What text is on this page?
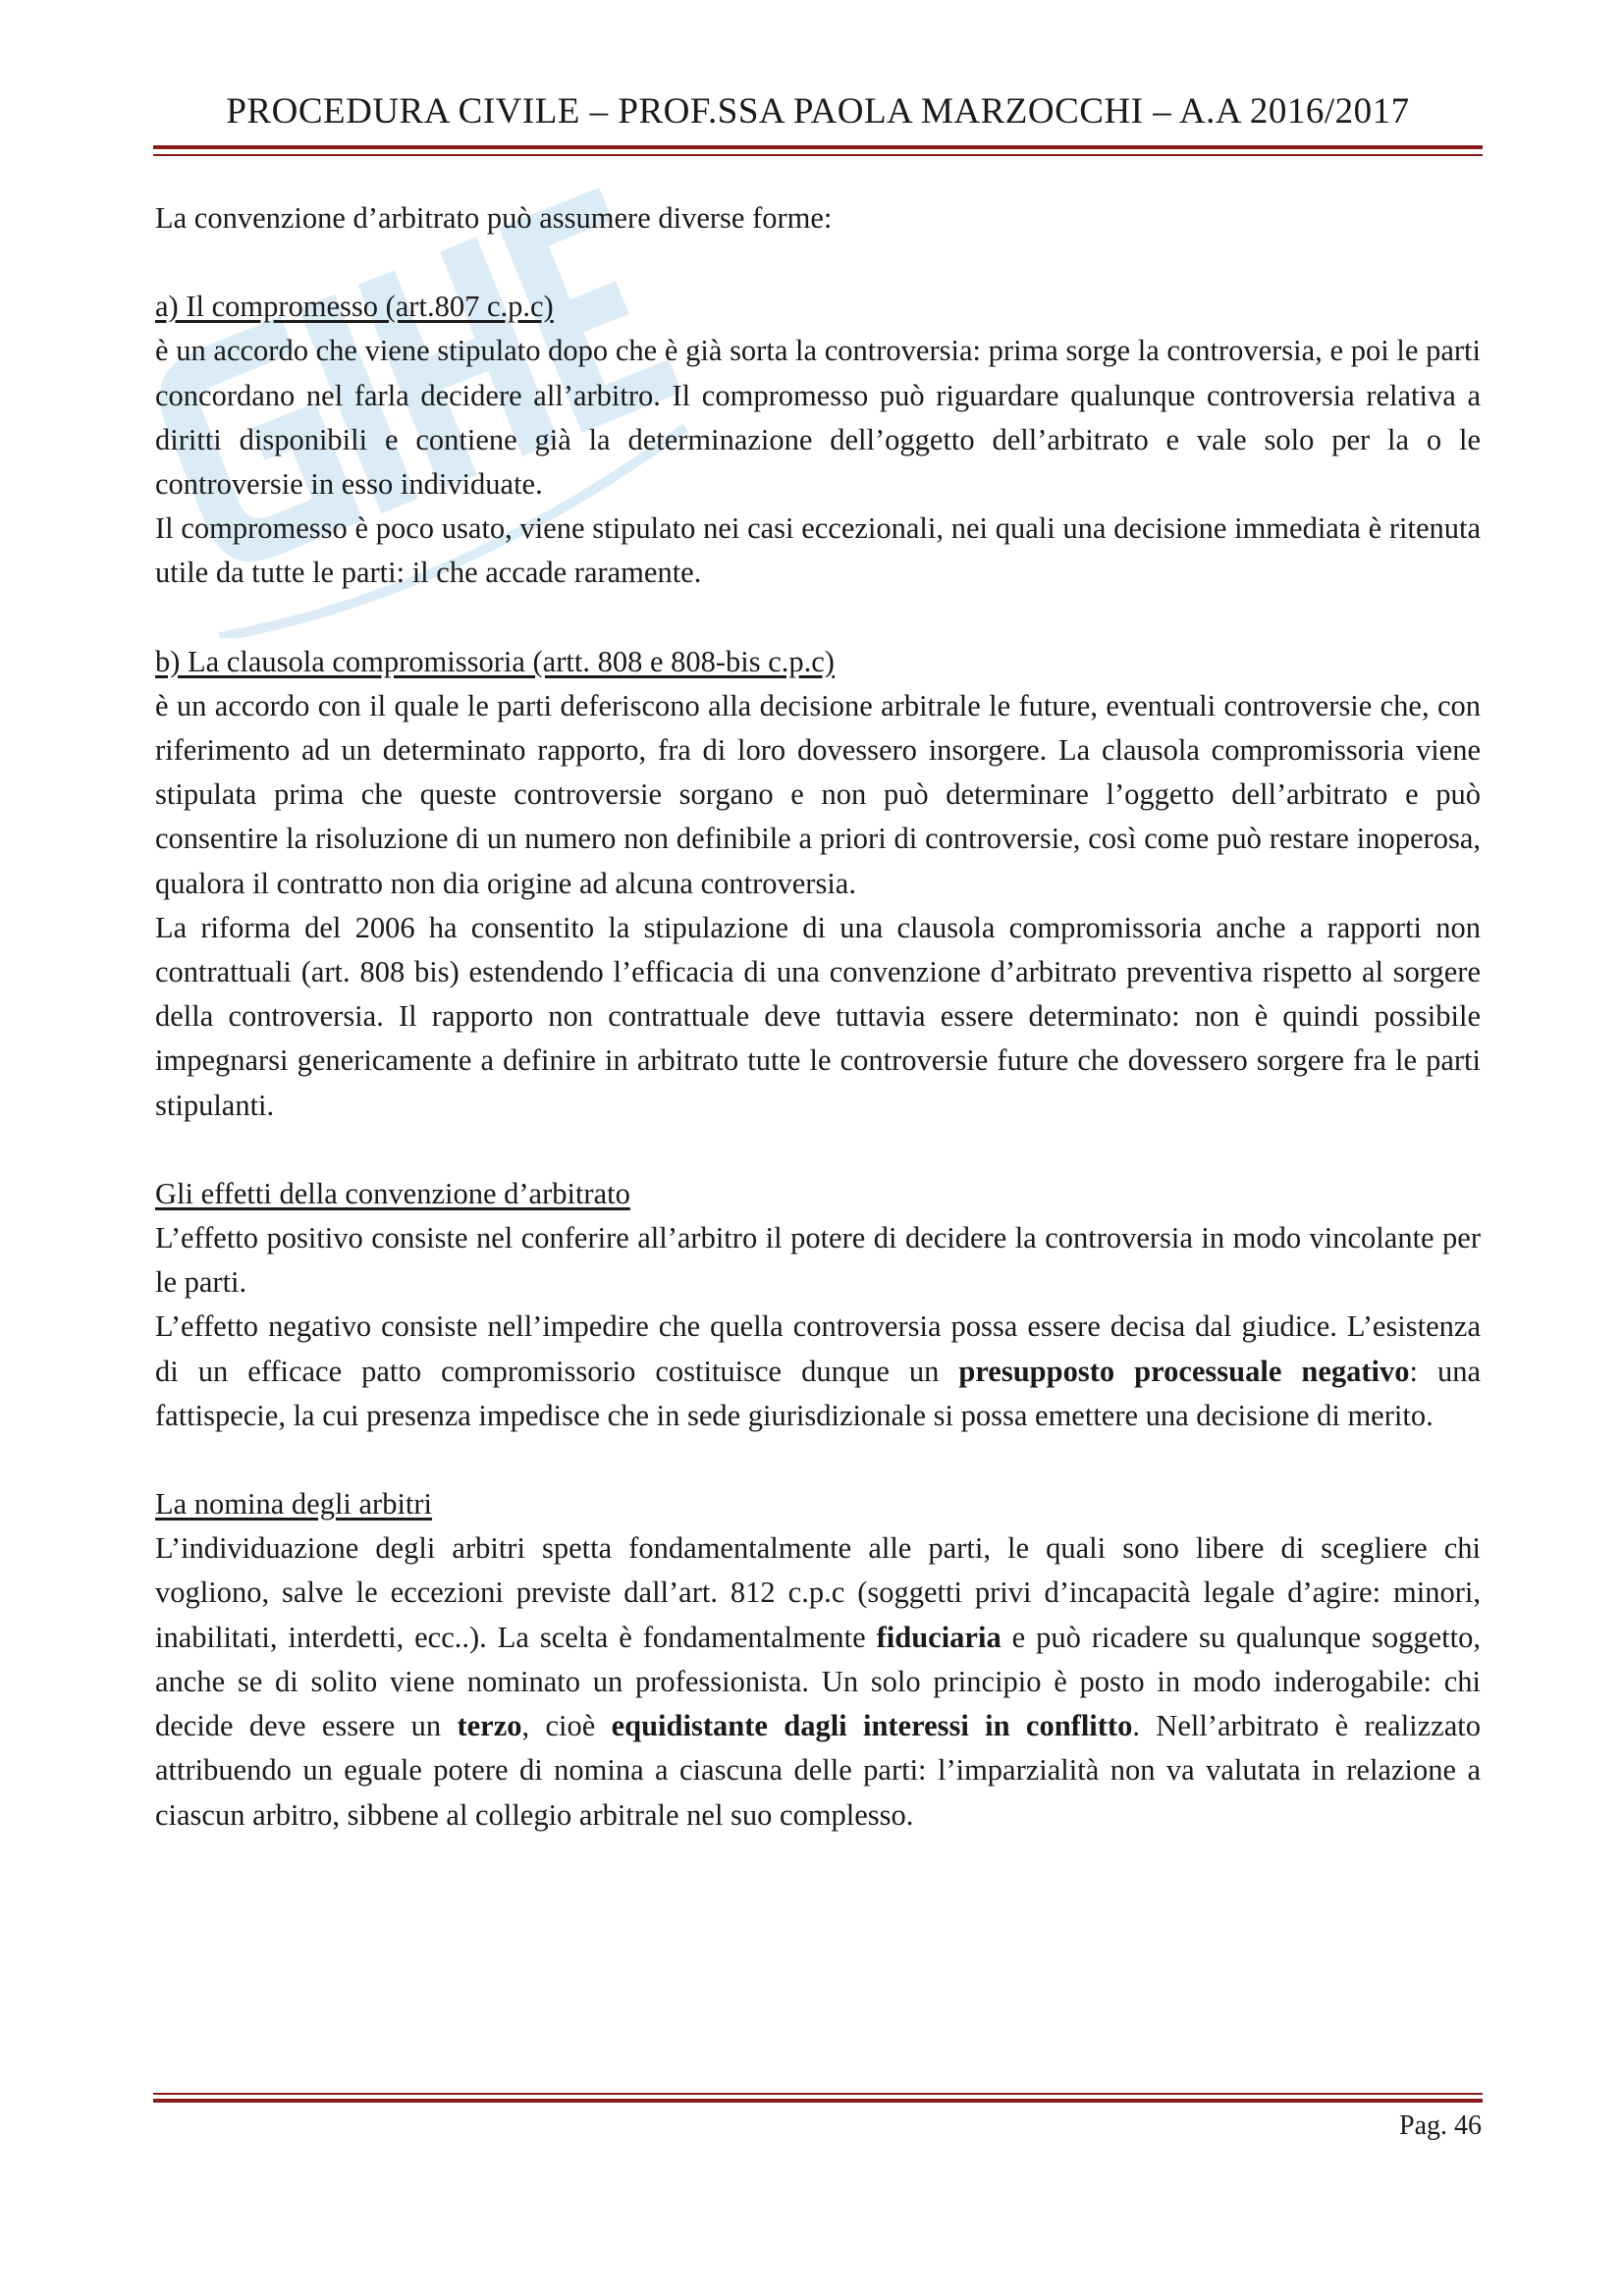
PROCEDURA CIVILE – PROF.SSA PAOLA MARZOCCHI – A.A 2016/2017

La convenzione d’arbitrato può assumere diverse forme:

a) Il compromesso (art.807 c.p.c)

è un accordo che viene stipulato dopo che è già sorta la controversia: prima sorge la controversia, e poi le parti concordano nel farla decidere all’arbitro. Il compromesso può riguardare qualunque controversia relativa a diritti disponibili e contiene già la determinazione dell’oggetto dell’arbitrato e vale solo per la o le controversie in esso individuate.

Il compromesso è poco usato, viene stipulato nei casi eccezionali, nei quali una decisione immediata è ritenuta utile da tutte le parti: il che accade raramente.

b) La clausola compromissoria (artt. 808 e 808-bis c.p.c)

è un accordo con il quale le parti deferiscono alla decisione arbitrale le future, eventuali controversie che, con riferimento ad un determinato rapporto, fra di loro dovessero insorgere. La clausola compromissoria viene stipulata prima che queste controversie sorgano e non può determinare l’oggetto dell’arbitrato e può consentire la risoluzione di un numero non definibile a priori di controversie, così come può restare inoperosa, qualora il contratto non dia origine ad alcuna controversia.

La riforma del 2006 ha consentito la stipulazione di una clausola compromissoria anche a rapporti non contrattuali (art. 808 bis) estendendo l’efficacia di una convenzione d’arbitrato preventiva rispetto al sorgere della controversia. Il rapporto non contrattuale deve tuttavia essere determinato: non è quindi possibile impegnarsi genericamente a definire in arbitrato tutte le controversie future che dovessero sorgere fra le parti stipulanti.

Gli effetti della convenzione d’arbitrato

L’effetto positivo consiste nel conferire all’arbitro il potere di decidere la controversia in modo vincolante per le parti.

L’effetto negativo consiste nell’impedire che quella controversia possa essere decisa dal giudice. L’esistenza di un efficace patto compromissorio costituisce dunque un presupposto processuale negativo: una fattispecie, la cui presenza impedisce che in sede giurisdizionale si possa emettere una decisione di merito.

La nomina degli arbitri

L’individuazione degli arbitri spetta fondamentalmente alle parti, le quali sono libere di scegliere chi vogliono, salve le eccezioni previste dall’art. 812 c.p.c (soggetti privi d’incapacità legale d’agire: minori, inabilitati, interdetti, ecc..). La scelta è fondamentalmente fiduciaria e può ricadere su qualunque soggetto, anche se di solito viene nominato un professionista. Un solo principio è posto in modo inderogabile: chi decide deve essere un terzo, cioè equidistante dagli interessi in conflitto. Nell’arbitrato è realizzato attribuendo un eguale potere di nomina a ciascuna delle parti: l’imparzialità non va valutata in relazione a ciascun arbitro, sibbene al collegio arbitrale nel suo complesso.

Pag. 46
